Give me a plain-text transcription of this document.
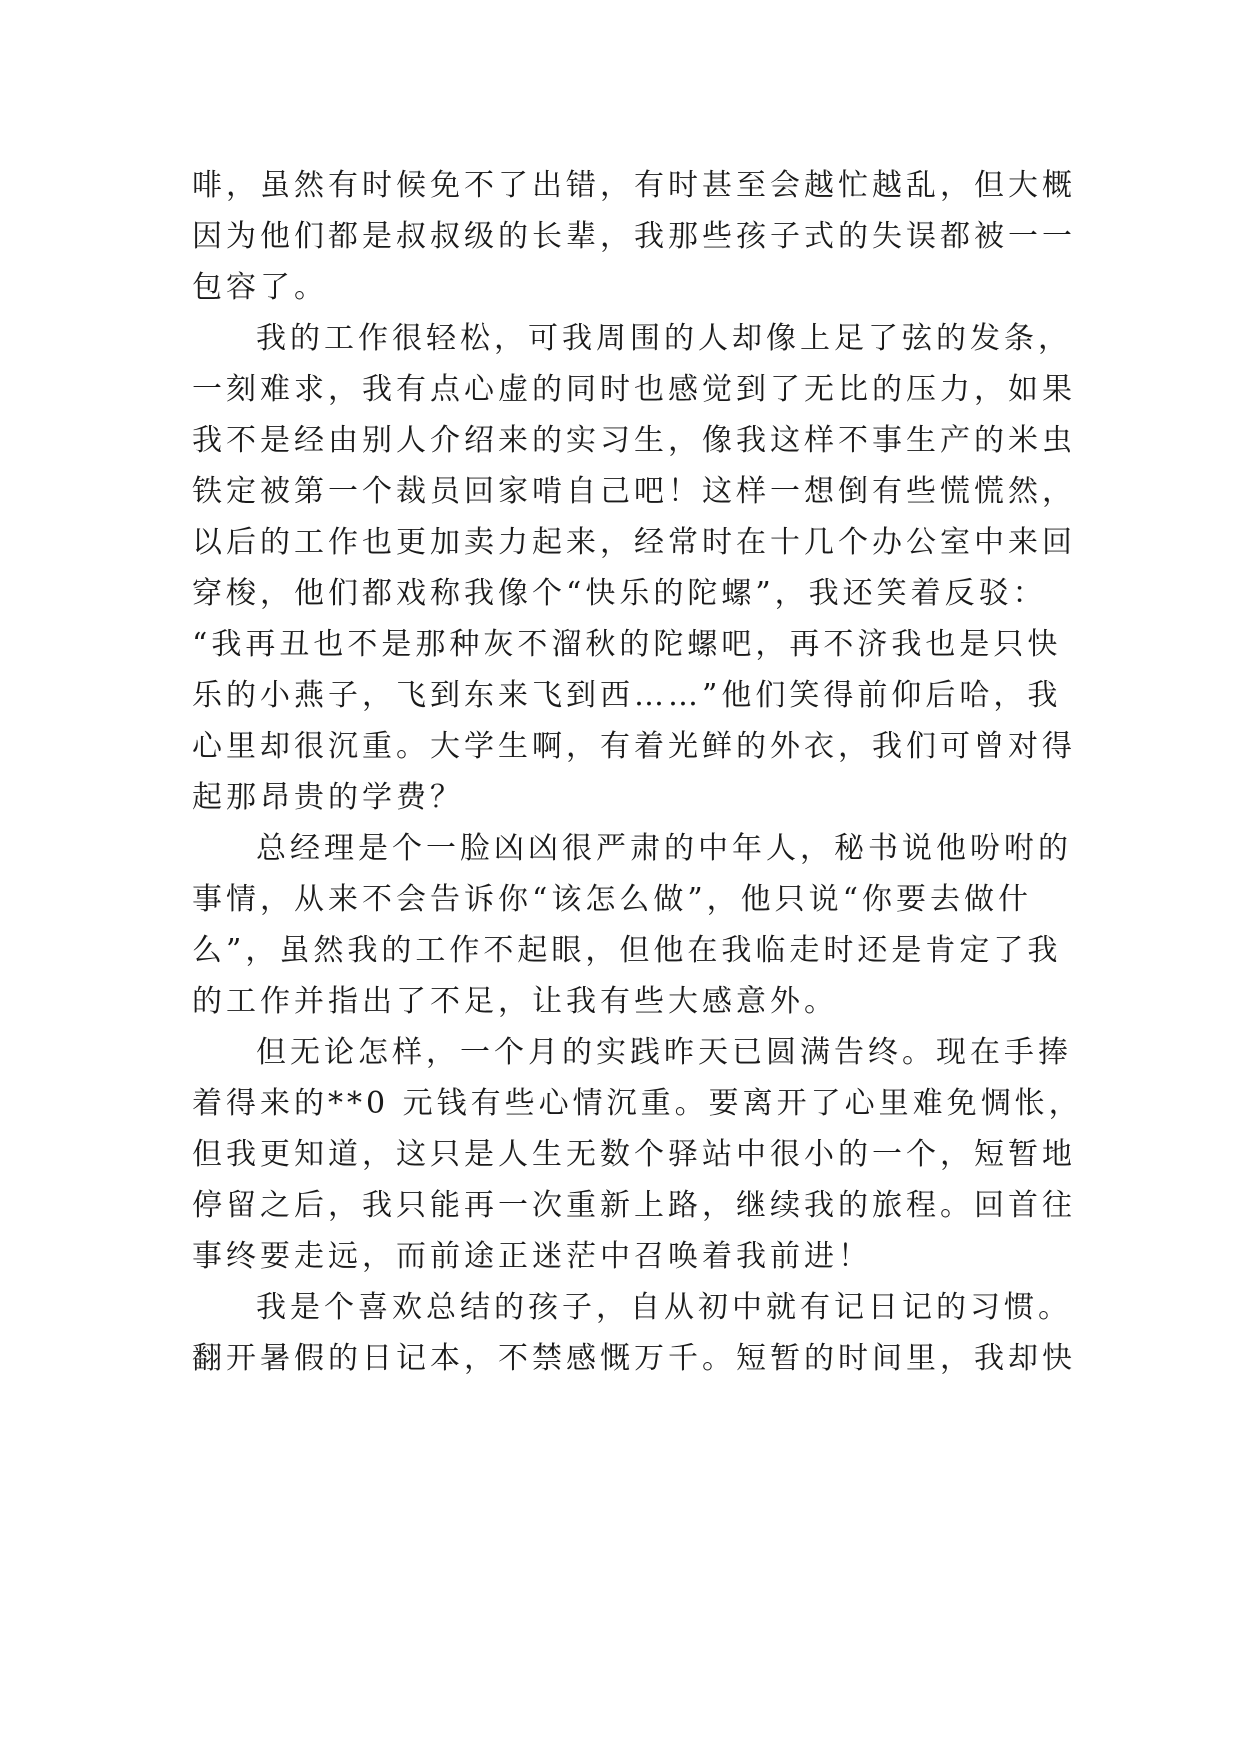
啡，虽然有时候免不了出错，有时甚至会越忙越乱，但大概
因为他们都是叔叔级的长辈，我那些孩子式的失误都被一一
包容了。
我的工作很轻松，可我周围的人却像上足了弦的发条，
一刻难求，我有点心虚的同时也感觉到了无比的压力，如果
我不是经由别人介绍来的实习生，像我这样不事生产的米虫
铁定被第一个裁员回家啃自己吧！这样一想倒有些慌慌然，
以后的工作也更加卖力起来，经常时在十几个办公室中来回
穿梭，他们都戏称我像个“快乐的陀螺”，我还笑着反驳：
“我再丑也不是那种灰不溜秋的陀螺吧，再不济我也是只快
乐的小燕子，飞到东来飞到西……”他们笑得前仰后哈，我
心里却很沉重。大学生啊，有着光鲜的外衣，我们可曾对得
起那昂贵的学费？
总经理是个一脸凶凶很严肃的中年人，秘书说他吩咐的
事情，从来不会告诉你“该怎么做”，他只说“你要去做什
么”，虽然我的工作不起眼，但他在我临走时还是肯定了我
的工作并指出了不足，让我有些大感意外。
但无论怎样，一个月的实践昨天已圆满告终。现在手捧
着得来的**0 元钱有些心情沉重。要离开了心里难免惆怅，
但我更知道，这只是人生无数个驿站中很小的一个，短暂地
停留之后，我只能再一次重新上路，继续我的旅程。回首往
事终要走远，而前途正迷茫中召唤着我前进！
我是个喜欢总结的孩子，自从初中就有记日记的习惯。
翻开暑假的日记本，不禁感慨万千。短暂的时间里，我却快
